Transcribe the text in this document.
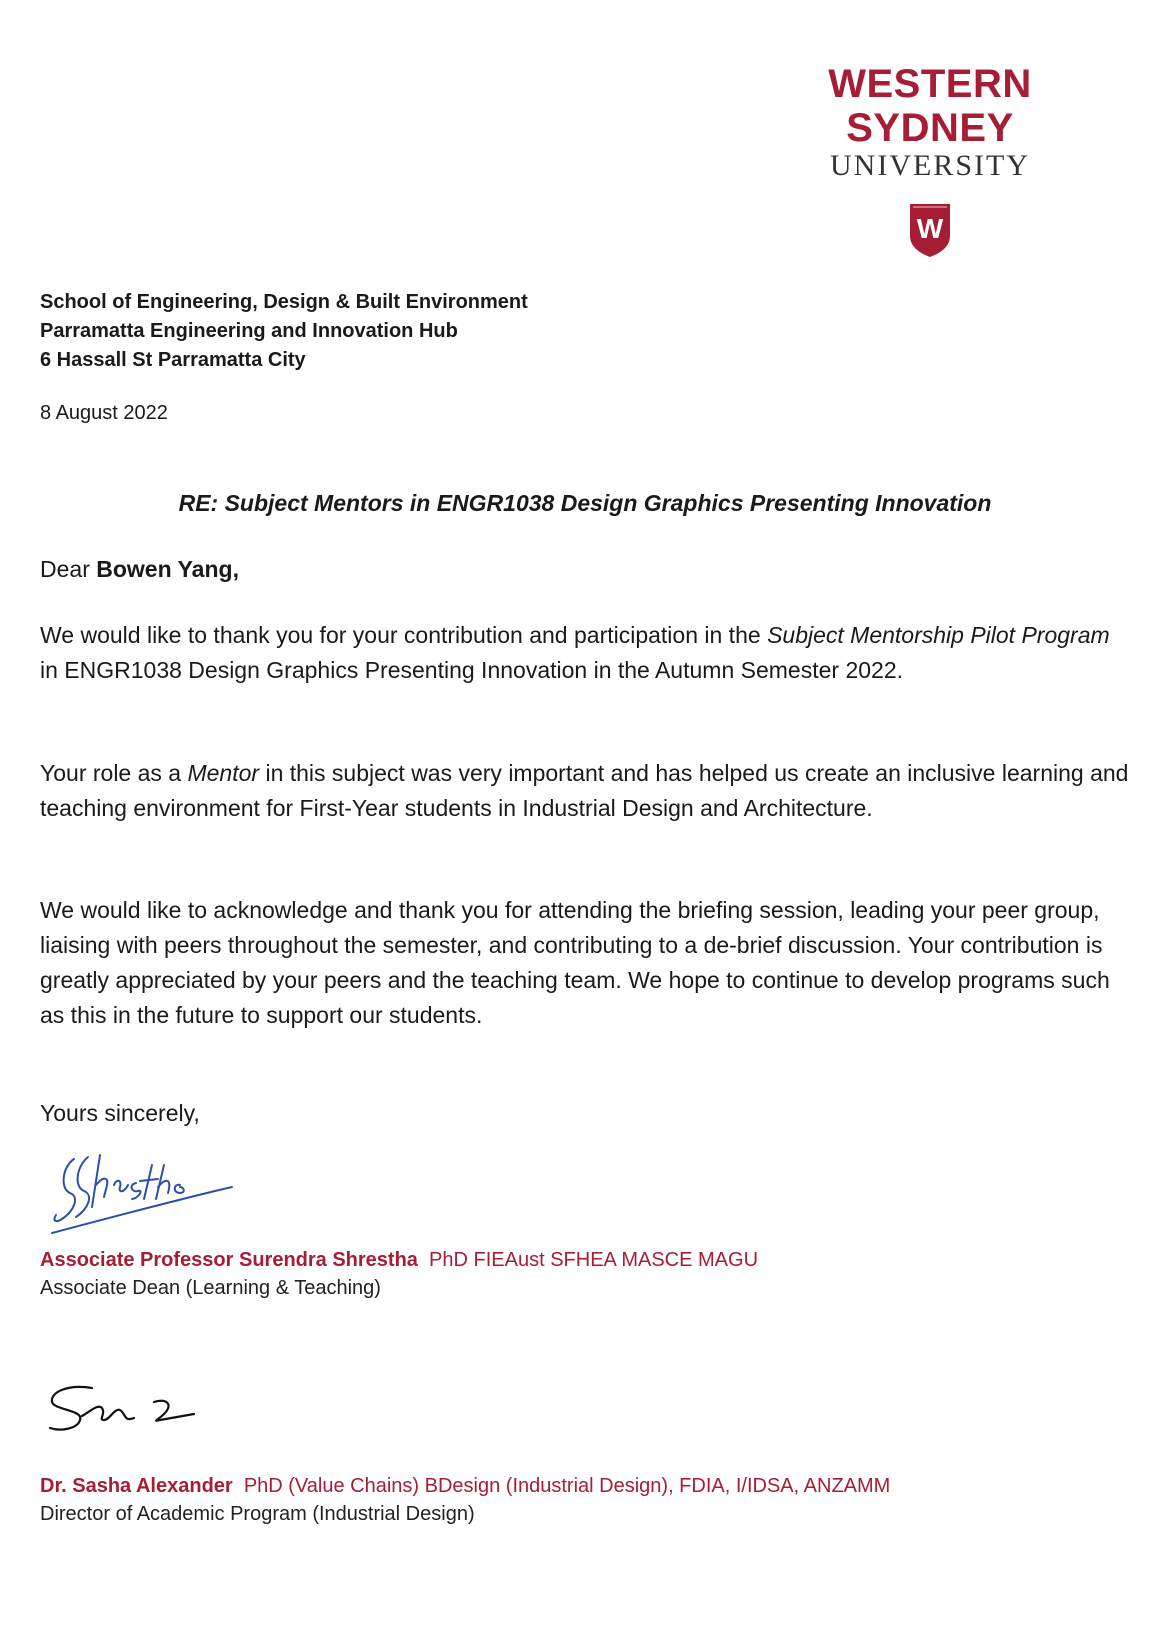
WESTERN SYDNEY
UNIVERSITY
W
School of Engineering, Design & Built Environment
Parramatta Engineering and Innovation Hub
6 Hassall St Parramatta City
8 August 2022
RE: Subject Mentors in ENGR1038 Design Graphics Presenting Innovation

Dear Bowen Yang,

We would like to thank you for your contribution and participation in the Subject Mentorship Pilot Program in ENGR1038 Design Graphics Presenting Innovation in the Autumn Semester 2022.

Your role as a Mentor in this subject was very important and has helped us create an inclusive learning and teaching environment for First-Year students in Industrial Design and Architecture.

We would like to acknowledge and thank you for attending the briefing session, leading your peer group, liaising with peers throughout the semester, and contributing to a de-brief discussion. Your contribution is greatly appreciated by your peers and the teaching team. We hope to continue to develop programs such as this in the future to support our students.

Yours sincerely,

Associate Professor Surendra Shrestha PhD FIEAust SFHEA MASCE MAGU
Associate Dean (Learning & Teaching)
Dr. Sasha Alexander PhD (Value Chains) BDesign (Industrial Design), FDIA, I/IDSA, ANZAMM
Director of Academic Program (Industrial Design)
